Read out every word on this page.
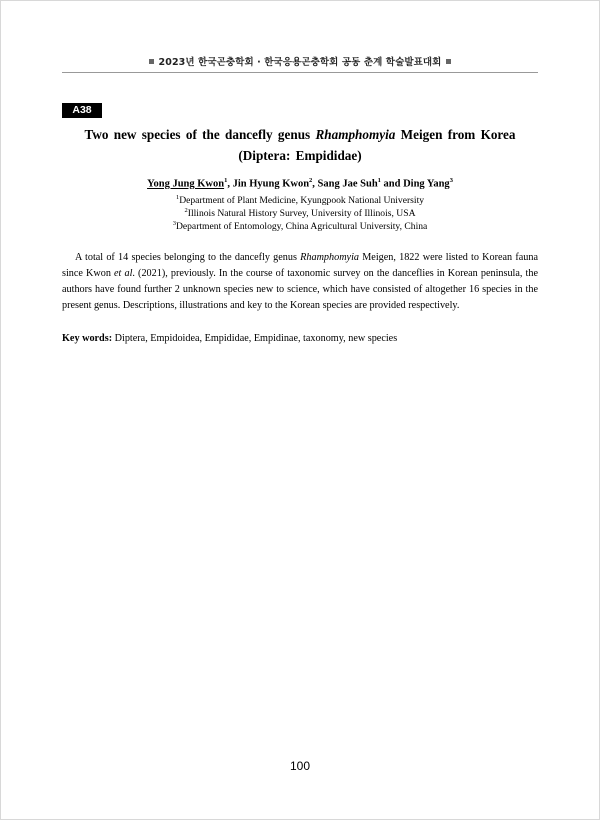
2023년 한국곤충학회 · 한국응용곤충학회 공동 춘계 학술발표대회
A38
Two new species of the dancefly genus Rhamphomyia Meigen from Korea
(Diptera: Empididae)
Yong Jung Kwon$^1$, Jin Hyung Kwon$^2$, Sang Jae Suh$^1$ and Ding Yang$^3$
$^1$Department of Plant Medicine, Kyungpook National University
$^2$Illinois Natural History Survey, University of Illinois, USA
$^3$Department of Entomology, China Agricultural University, China

A total of 14 species belonging to the dancefly genus Rhamphomyia Meigen, 1822 were listed to Korean fauna since Kwon et al. (2021), previously. In the course of taxonomic survey on the danceflies in Korean peninsula, the authors have found further 2 unknown species new to science, which have consisted of altogether 16 species in the present genus. Descriptions, illustrations and key to the Korean species are provided respectively.

Key words: Diptera, Empidoidea, Empididae, Empidinae, taxonomy, new species
100
